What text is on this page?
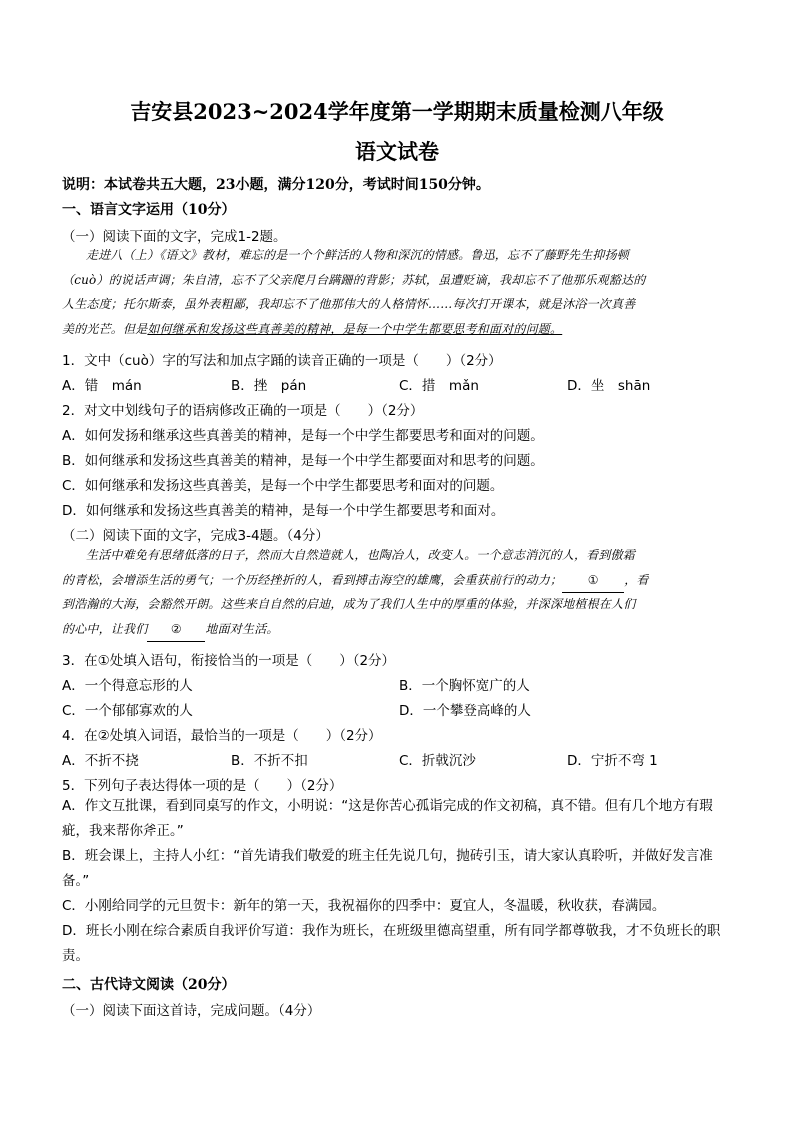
吉安县2023~2024学年度第一学期期末质量检测八年级
语文试卷
说明：本试卷共五大题，23小题，满分120分，考试时间150分钟。
一、语言文字运用（10分）
（一）阅读下面的文字，完成1-2题。
走进八（上）《语文》教材，难忘的是一个个鲜活的人物和深沉的情感。鲁迅，忘不了藤野先生抑扬顿
（cuò）的说话声调；朱自清，忘不了父亲爬月台蹒跚的背影；苏轼，虽遭贬谪，我却忘不了他那乐观豁达的
人生态度；托尔斯泰，虽外表粗鄙，我却忘不了他那伟大的人格情怀……每次打开课本，就是沐浴一次真善
美的光芒。但是如何继承和发扬这些真善美的精神，是每一个中学生都要思考和面对的问题。
1．文中（cuò）字的写法和加点字踊的读音正确的一项是（　　）（2分）
A．错　mán	B．挫　pán	C．措　mǎn	D．坐　shān
2．对文中划线句子的语病修改正确的一项是（　　）（2分）
A．如何发扬和继承这些真善美的精神，是每一个中学生都要思考和面对的问题。
B．如何继承和发扬这些真善美的精神，是每一个中学生都要面对和思考的问题。
C．如何继承和发扬这些真善美，是每一个中学生都要思考和面对的问题。
D．如何继承和发扬这些真善美的精神，是每一个中学生都要思考和面对。
（二）阅读下面的文字，完成3-4题。（4分）
生活中难免有思绪低落的日子，然而大自然造就人，也陶冶人，改变人。一个意志消沉的人，看到傲霜
的青松，会增添生活的勇气；一个历经挫折的人，看到搏击海空的雄鹰，会重获前行的动力； ① ，看
到浩瀚的大海，会豁然开朗。这些来自自然的启迪，成为了我们人生中的厚重的体验，并深深地植根在人们
的心中，让我们 ② 地面对生活。
3．在①处填入语句，衔接恰当的一项是（　　）（2分）
A．一个得意忘形的人	B．一个胸怀宽广的人
C．一个郁郁寡欢的人	D．一个攀登高峰的人
4．在②处填入词语，最恰当的一项是（　　）（2分）
A．不折不挠	B．不折不扣	C．折戟沉沙	D．宁折不弯 1
5．下列句子表达得体一项的是（　　）（2分）
A．作文互批课，看到同桌写的作文，小明说：“这是你苦心孤诣完成的作文初稿，真不错。但有几个地方有瑕疵，我来帮你斧正。”
B．班会课上，主持人小红：“首先请我们敬爱的班主任先说几句，抛砖引玉，请大家认真聆听，并做好发言准备。”
C．小刚给同学的元旦贺卡：新年的第一天，我祝福你的四季中：夏宜人，冬温暖，秋收获，春满园。
D．班长小刚在综合素质自我评价写道：我作为班长，在班级里德高望重，所有同学都尊敬我，才不负班长的职责。
二、古代诗文阅读（20分）
（一）阅读下面这首诗，完成问题。（4分）
